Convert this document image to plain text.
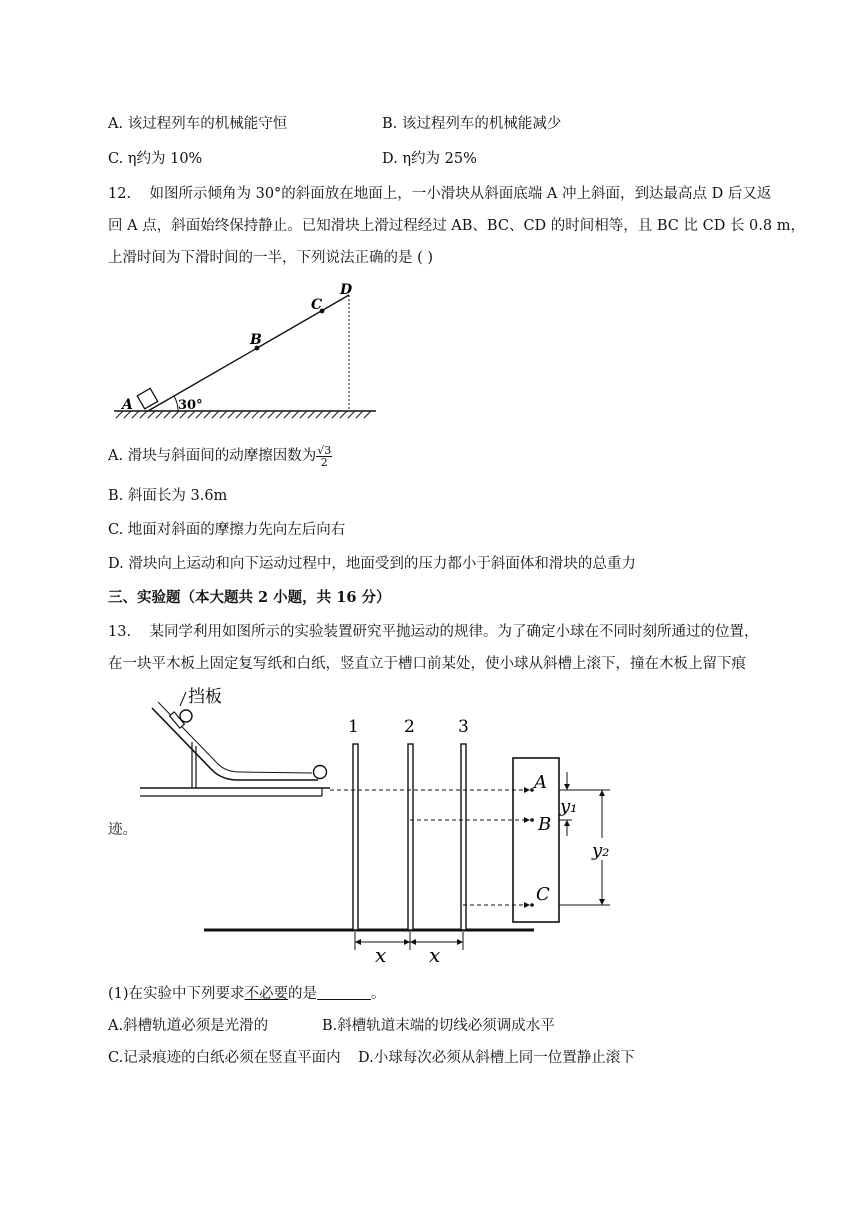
A. 该过程列车的机械能守恒	B. 该过程列车的机械能减少
C. η约为 10%	D. η约为 25%
12. 如图所示倾角为 30°的斜面放在地面上，一小滑块从斜面底端 A 冲上斜面，到达最高点 D 后又返
回 A 点，斜面始终保持静止。已知滑块上滑过程经过 AB、BC、CD 的时间相等，且 BC 比 CD 长 0.8 m，
上滑时间为下滑时间的一半，下列说法正确的是 ( )
30°
A
B
C
D
A. 滑块与斜面间的动摩擦因数为 $\frac{√3}{2}$
B. 斜面长为 3.6m
C. 地面对斜面的摩擦力先向左后向右
D. 滑块向上运动和向下运动过程中，地面受到的压力都小于斜面体和滑块的总重力
三、实验题（本大题共 2 小题，共 16 分）
13. 某同学利用如图所示的实验装置研究平抛运动的规律。为了确定小球在不同时刻所通过的位置，
在一块平木板上固定复写纸和白纸，竖直立于槽口前某处，使小球从斜槽上滚下，撞在木板上留下痕
迹。
挡板
1	2	3
A
B
C
y₁
y₂
x x
(1)在实验中下列要求不必要的是	。
A.斜槽轨道必须是光滑的	B.斜槽轨道末端的切线必须调成水平
C.记录痕迹的白纸必须在竖直平面内 D.小球每次必须从斜槽上同一位置静止滚下
